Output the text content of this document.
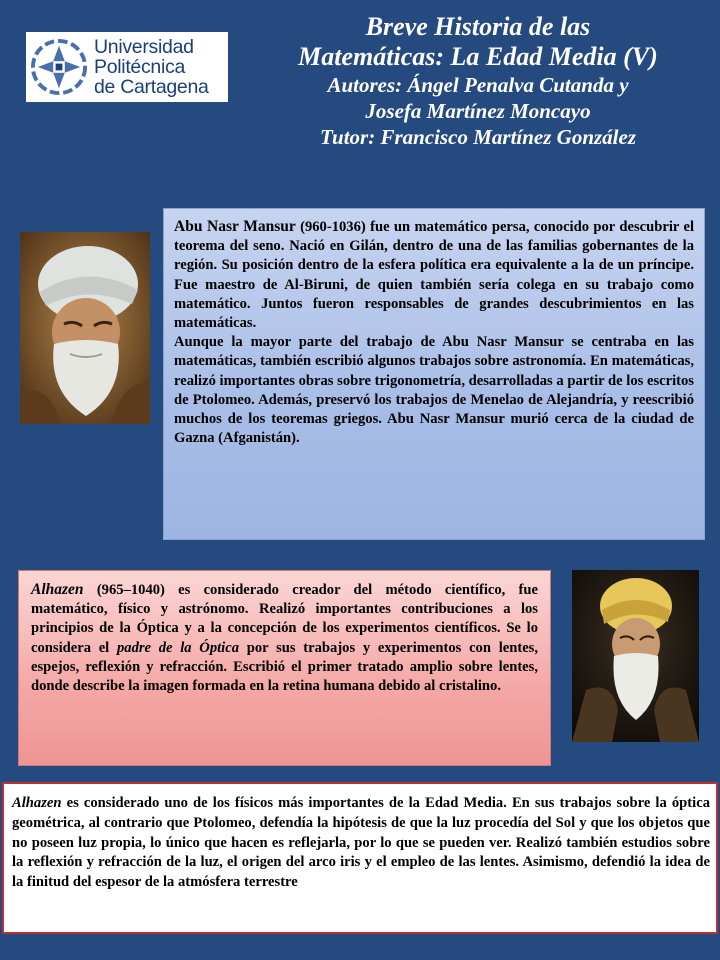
Universidad
Politécnica
de Cartagena
Breve Historia de las
Matemáticas: La Edad Media (V)
Autores: Ángel Penalva Cutanda y
Josefa Martínez Moncayo
Tutor: Francisco Martínez González

Abu Nasr Mansur (960-1036) fue un matemático persa, conocido por descubrir el teorema del seno. Nació en Gilán, dentro de una de las familias gobernantes de la región. Su posición dentro de la esfera política era equivalente a la de un príncipe. Fue maestro de Al-Biruni, de quien también sería colega en su trabajo como matemático. Juntos fueron responsables de grandes descubrimientos en las matemáticas.

Aunque la mayor parte del trabajo de Abu Nasr Mansur se centraba en las matemáticas, también escribió algunos trabajos sobre astronomía. En matemáticas, realizó importantes obras sobre trigonometría, desarrolladas a partir de los escritos de Ptolomeo. Además, preservó los trabajos de Menelao de Alejandría, y reescribió muchos de los teoremas griegos. Abu Nasr Mansur murió cerca de la ciudad de Gazna (Afganistán).

Alhazen (965–1040) es considerado creador del método científico, fue matemático, físico y astrónomo. Realizó importantes contribuciones a los principios de la Óptica y a la concepción de los experimentos científicos. Se lo considera el padre de la Óptica por sus trabajos y experimentos con lentes, espejos, reflexión y refracción. Escribió el primer tratado amplio sobre lentes, donde describe la imagen formada en la retina humana debido al cristalino.

Alhazen es considerado uno de los físicos más importantes de la Edad Media. En sus trabajos sobre la óptica geométrica, al contrario que Ptolomeo, defendía la hipótesis de que la luz procedía del Sol y que los objetos que no poseen luz propia, lo único que hacen es reflejarla, por lo que se pueden ver. Realizó también estudios sobre la reflexión y refracción de la luz, el origen del arco iris y el empleo de las lentes. Asimismo, defendió la idea de la finitud del espesor de la atmósfera terrestre
